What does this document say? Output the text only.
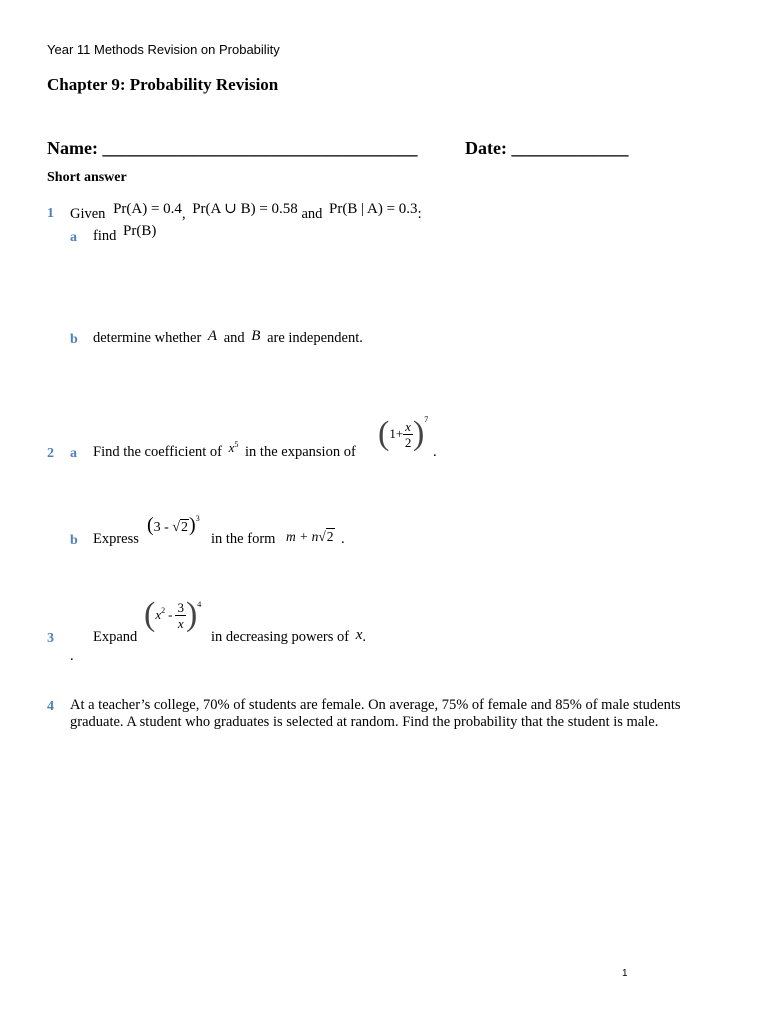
Year 11 Methods Revision on Probability
Chapter 9: Probability Revision
Name: ___________________________________	Date: _____________
Short answer
1 Given Pr(A) = 0.4, Pr(A ∪ B) = 0.58 and Pr(B | A) = 0.3:
a find Pr(B)
b determine whether A and B are independent.
2 a Find the coefficient of $x^5$ in the expansion of $(1+ \frac{x}{2} )^7$
.
b Express
(3 - √2)$^3$
in the form m + n√2 .
3	Expand
$(x^2 - \frac{3}{x} )^4$
in decreasing powers of x.
.
4 At a teacher’s college, 70% of students are female. On average, 75% of female and 85% of male students graduate. A student who graduates is selected at random. Find the probability that the student is male.
1
